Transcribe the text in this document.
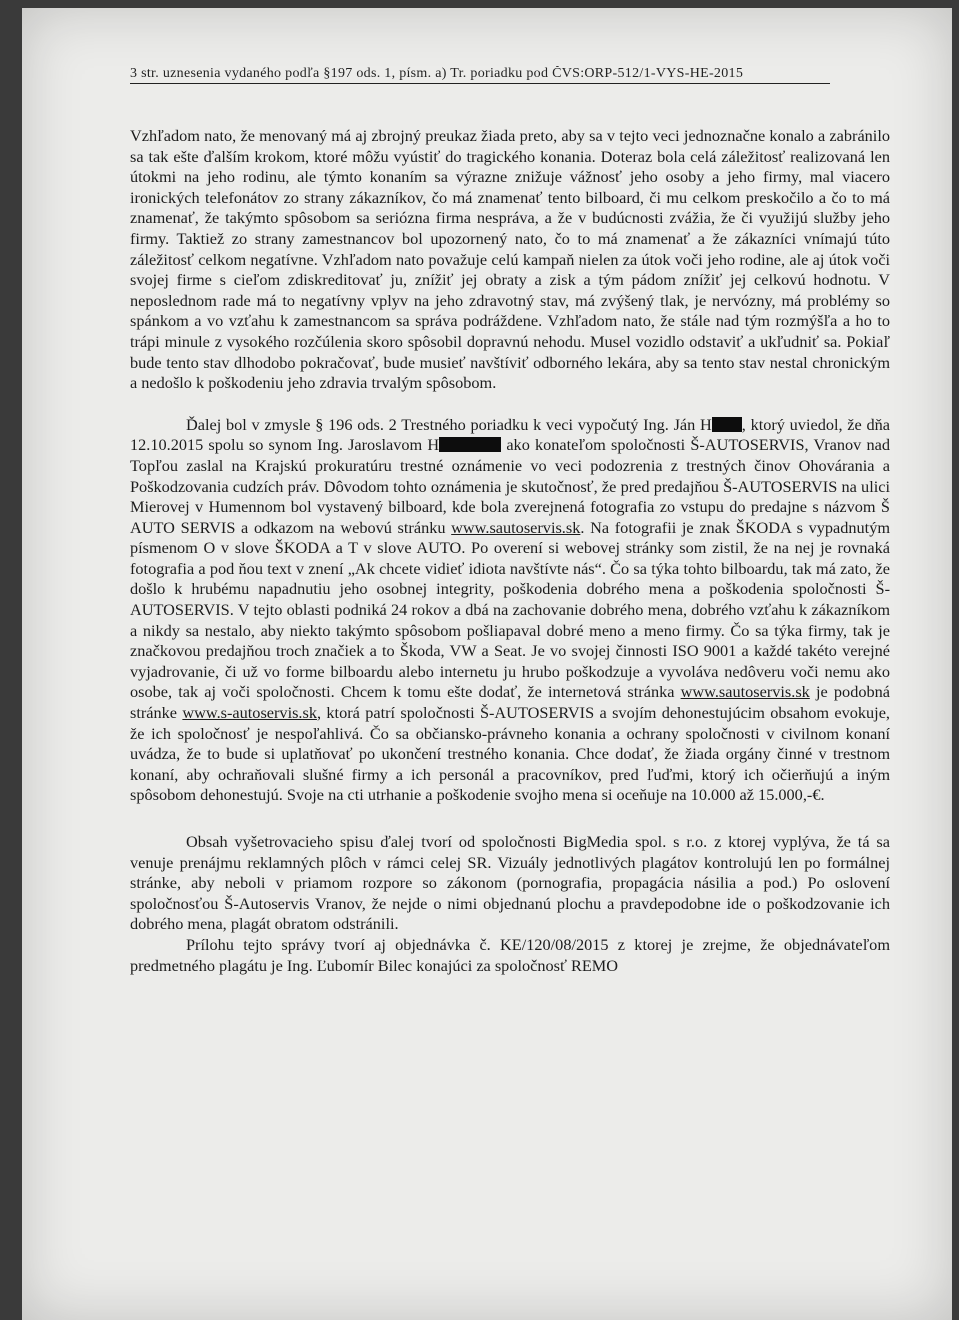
3 str. uznesenia vydaného podľa §197 ods. 1, písm. a) Tr. poriadku pod ČVS:ORP-512/1-VYS-HE-2015

Vzhľadom nato, že menovaný má aj zbrojný preukaz žiada preto, aby sa v tejto veci jednoznačne konalo a zabránilo sa tak ešte ďalším krokom, ktoré môžu vyústiť do tragického konania. Doteraz bola celá záležitosť realizovaná len útokmi na jeho rodinu, ale týmto konaním sa výrazne znižuje vážnosť jeho osoby a jeho firmy, mal viacero ironických telefonátov zo strany zákazníkov, čo má znamenať tento bilboard, či mu celkom preskočilo a čo to má znamenať, že takýmto spôsobom sa seriózna firma nespráva, a že v budúcnosti zvážia, že či využijú služby jeho firmy. Taktiež zo strany zamestnancov bol upozornený nato, čo to má znamenať a že zákazníci vnímajú túto záležitosť celkom negatívne. Vzhľadom nato považuje celú kampaň nielen za útok voči jeho rodine, ale aj útok voči svojej firme s cieľom zdiskreditovať ju, znížiť jej obraty a zisk a tým pádom znížiť jej celkovú hodnotu. V neposlednom rade má to negatívny vplyv na jeho zdravotný stav, má zvýšený tlak, je nervózny, má problémy so spánkom a vo vzťahu k zamestnancom sa správa podráždene. Vzhľadom nato, že stále nad tým rozmýšľa a ho to trápi minule z vysokého rozčúlenia skoro spôsobil dopravnú nehodu. Musel vozidlo odstaviť a ukľudniť sa. Pokiaľ bude tento stav dlhodobo pokračovať, bude musieť navštíviť odborného lekára, aby sa tento stav nestal chronickým a nedošlo k poškodeniu jeho zdravia trvalým spôsobom.

Ďalej bol v zmysle § 196 ods. 2 Trestného poriadku k veci vypočutý Ing. Ján H , ktorý uviedol, že dňa 12.10.2015 spolu so synom Ing. Jaroslavom H	ako konateľom spoločnosti Š-AUTOSERVIS, Vranov nad Topľou zaslal na Krajskú prokuratúru trestné oznámenie vo veci podozrenia z trestných činov Ohovárania a Poškodzovania cudzích práv. Dôvodom tohto oznámenia je skutočnosť, že pred predajňou Š-AUTOSERVIS na ulici Mierovej v Humennom bol vystavený bilboard, kde bola zverejnená fotografia zo vstupu do predajne s názvom Š AUTO SERVIS a odkazom na webovú stránku www.sautoservis.sk. Na fotografii je znak ŠKODA s vypadnutým písmenom O v slove ŠKODA a T v slove AUTO. Po overení si webovej stránky som zistil, že na nej je rovnaká fotografia a pod ňou text v znení „Ak chcete vidieť idiota navštívte nás“. Čo sa týka tohto bilboardu, tak má zato, že došlo k hrubému napadnutiu jeho osobnej integrity, poškodenia dobrého mena a poškodenia spoločnosti Š-AUTOSERVIS. V tejto oblasti podniká 24 rokov a dbá na zachovanie dobrého mena, dobrého vzťahu k zákazníkom a nikdy sa nestalo, aby niekto takýmto spôsobom pošliapaval dobré meno a meno firmy. Čo sa týka firmy, tak je značkovou predajňou troch značiek a to Škoda, VW a Seat. Je vo svojej činnosti ISO 9001 a každé takéto verejné vyjadrovanie, či už vo forme bilboardu alebo internetu ju hrubo poškodzuje a vyvoláva nedôveru voči nemu ako osobe, tak aj voči spoločnosti. Chcem k tomu ešte dodať, že internetová stránka www.sautoservis.sk je podobná stránke www.s-autoservis.sk, ktorá patrí spoločnosti Š-AUTOSERVIS a svojím dehonestujúcim obsahom evokuje, že ich spoločnosť je nespoľahlivá. Čo sa občiansko-právneho konania a ochrany spoločnosti v civilnom konaní uvádza, že to bude si uplatňovať po ukončení trestného konania. Chce dodať, že žiada orgány činné v trestnom konaní, aby ochraňovali slušné firmy a ich personál a pracovníkov, pred ľuďmi, ktorý ich očierňujú a iným spôsobom dehonestujú. Svoje na cti utrhanie a poškodenie svojho mena si oceňuje na 10.000 až 15.000,-€.

Obsah vyšetrovacieho spisu ďalej tvorí od spoločnosti BigMedia spol. s r.o. z ktorej vyplýva, že tá sa venuje prenájmu reklamných plôch v rámci celej SR. Vizuály jednotlivých plagátov kontrolujú len po formálnej stránke, aby neboli v priamom rozpore so zákonom (pornografia, propagácia násilia a pod.) Po oslovení spoločnosťou Š-Autoservis Vranov, že nejde o nimi objednanú plochu a pravdepodobne ide o poškodzovanie ich dobrého mena, plagát obratom odstránili.

Prílohu tejto správy tvorí aj objednávka č. KE/120/08/2015 z ktorej je zrejme, že objednávateľom predmetného plagátu je Ing. Ľubomír Bilec konajúci za spoločnosť REMO
